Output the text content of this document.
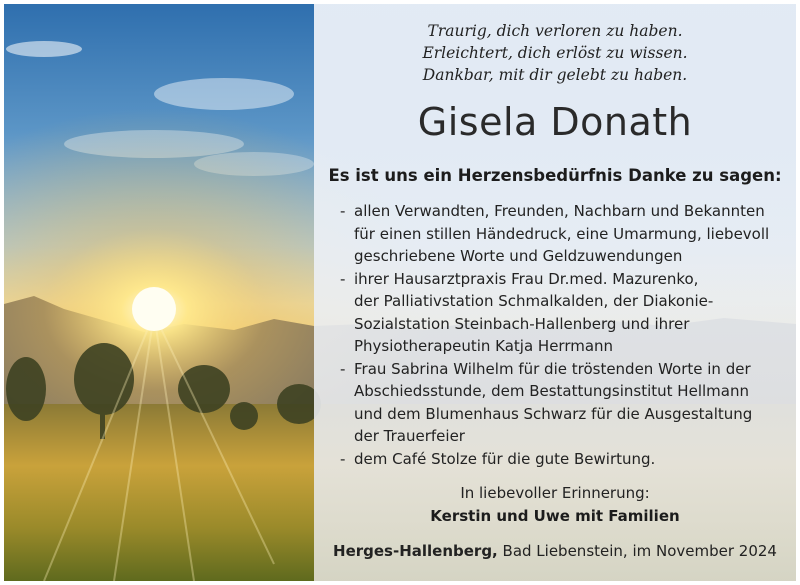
Traurig, dich verloren zu haben.
Erleichtert, dich erlöst zu wissen.
Dankbar, mit dir gelebt zu haben.
Gisela Donath
Es ist uns ein Herzensbedürfnis Danke zu sagen:
- allen Verwandten, Freunden, Nachbarn und Bekannten
für einen stillen Händedruck, eine Umarmung, liebevoll
geschriebene Worte und Geldzuwendungen
- ihrer Hausarztpraxis Frau Dr.med. Mazurenko,
der Palliativstation Schmalkalden, der Diakonie-
Sozialstation Steinbach-Hallenberg und ihrer
Physiotherapeutin Katja Herrmann
- Frau Sabrina Wilhelm für die tröstenden Worte in der
Abschiedsstunde, dem Bestattungsinstitut Hellmann
und dem Blumenhaus Schwarz für die Ausgestaltung
der Trauerfeier
- dem Café Stolze für die gute Bewirtung.
In liebevoller Erinnerung:
Kerstin und Uwe mit Familien
Herges-Hallenberg, Bad Liebenstein, im November 2024
